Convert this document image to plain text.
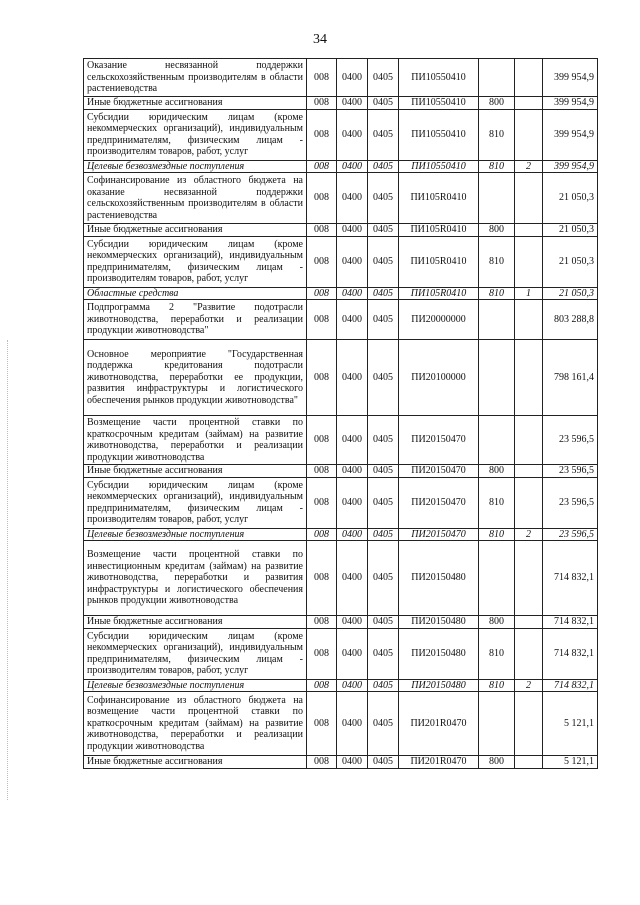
34
Оказание несвязанной поддержки сельскохозяйственным производителям в области растениеводства	008	0400	0405	ПИ10550410			399 954,9
Иные бюджетные ассигнования	008	0400	0405	ПИ10550410	800		399 954,9
Субсидии юридическим лицам (кроме некоммерческих организаций), индивидуальным предпринимателям, физическим лицам - производителям товаров, работ, услуг	008	0400	0405	ПИ10550410	810		399 954,9
Целевые безвозмездные поступления	008	0400	0405	ПИ10550410	810	2	399 954,9
Софинансирование из областного бюджета на оказание несвязанной поддержки сельскохозяйственным производителям в области растениеводства	008	0400	0405	ПИ105R0410			21 050,3
Иные бюджетные ассигнования	008	0400	0405	ПИ105R0410	800		21 050,3
Субсидии юридическим лицам (кроме некоммерческих организаций), индивидуальным предпринимателям, физическим лицам - производителям товаров, работ, услуг	008	0400	0405	ПИ105R0410	810		21 050,3
Областные средства	008	0400	0405	ПИ105R0410	810	1	21 050,3
Подпрограмма 2 "Развитие подотрасли животноводства, переработки и реализации продукции животноводства"	008	0400	0405	ПИ20000000			803 288,8
Основное мероприятие "Государственная поддержка кредитования подотрасли животноводства, переработки ее продукции, развития инфраструктуры и логистического обеспечения рынков продукции животноводства"	008	0400	0405	ПИ20100000			798 161,4
Возмещение части процентной ставки по краткосрочным кредитам (займам) на развитие животноводства, переработки и реализации продукции животноводства	008	0400	0405	ПИ20150470			23 596,5
Иные бюджетные ассигнования	008	0400	0405	ПИ20150470	800		23 596,5
Субсидии юридическим лицам (кроме некоммерческих организаций), индивидуальным предпринимателям, физическим лицам - производителям товаров, работ, услуг	008	0400	0405	ПИ20150470	810		23 596,5
Целевые безвозмездные поступления	008	0400	0405	ПИ20150470	810	2	23 596,5
Возмещение части процентной ставки по инвестиционным кредитам (займам) на развитие животноводства, переработки и развития инфраструктуры и логистического обеспечения рынков продукции животноводства	008	0400	0405	ПИ20150480			714 832,1
Иные бюджетные ассигнования	008	0400	0405	ПИ20150480	800		714 832,1
Субсидии юридическим лицам (кроме некоммерческих организаций), индивидуальным предпринимателям, физическим лицам - производителям товаров, работ, услуг	008	0400	0405	ПИ20150480	810		714 832,1
Целевые безвозмездные поступления	008	0400	0405	ПИ20150480	810	2	714 832,1
Софинансирование из областного бюджета на возмещение части процентной ставки по краткосрочным кредитам (займам) на развитие животноводства, переработки и реализации продукции животноводства	008	0400	0405	ПИ201R0470			5 121,1
Иные бюджетные ассигнования	008	0400	0405	ПИ201R0470	800		5 121,1
